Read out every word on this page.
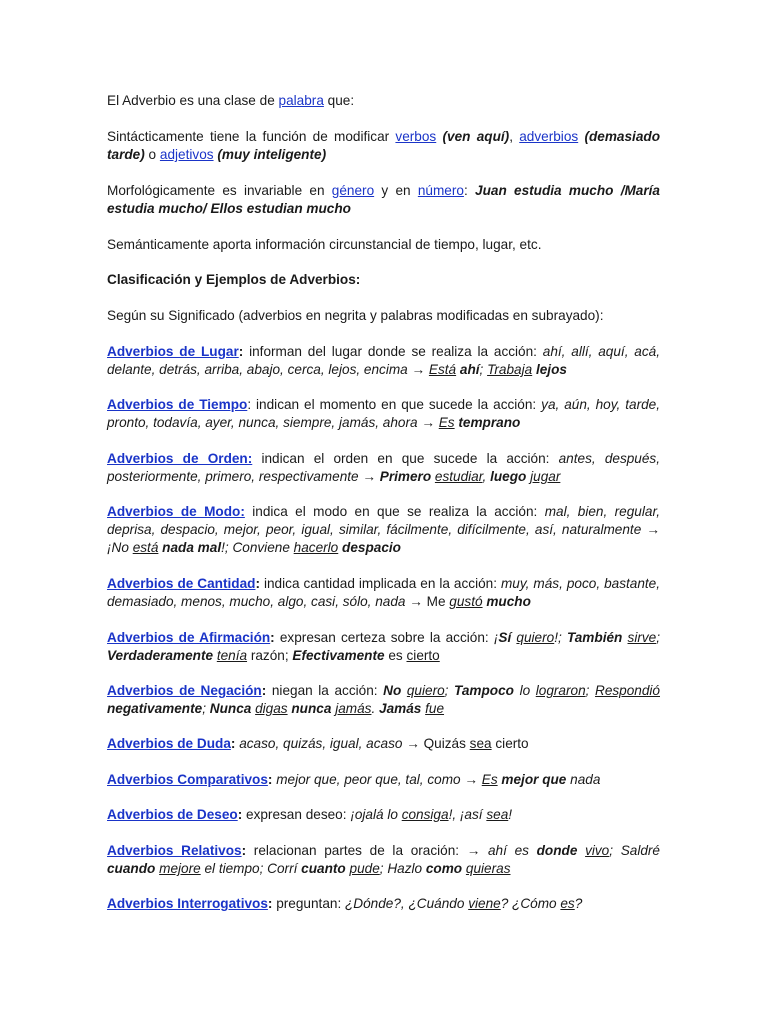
El Adverbio es una clase de palabra que:

Sintácticamente tiene la función de modificar verbos (ven aquí), adverbios (demasiado tarde) o adjetivos (muy inteligente)

Morfológicamente es invariable en género y en número: Juan estudia mucho /María estudia mucho/ Ellos estudian mucho

Semánticamente aporta información circunstancial de tiempo, lugar, etc.

Clasificación y Ejemplos de Adverbios:

Según su Significado (adverbios en negrita y palabras modificadas en subrayado):

Adverbios de Lugar: informan del lugar donde se realiza la acción: ahí, allí, aquí, acá, delante, detrás, arriba, abajo, cerca, lejos, encima → Está ahí; Trabaja lejos

Adverbios de Tiempo: indican el momento en que sucede la acción: ya, aún, hoy, tarde, pronto, todavía, ayer, nunca, siempre, jamás, ahora → Es temprano

Adverbios de Orden: indican el orden en que sucede la acción: antes, después, posteriormente, primero, respectivamente → Primero estudiar, luego jugar

Adverbios de Modo: indica el modo en que se realiza la acción: mal, bien, regular, deprisa, despacio, mejor, peor, igual, similar, fácilmente, difícilmente, así, naturalmente → ¡No está nada mal!; Conviene hacerlo despacio

Adverbios de Cantidad: indica cantidad implicada en la acción: muy, más, poco, bastante, demasiado, menos, mucho, algo, casi, sólo, nada → Me gustó mucho

Adverbios de Afirmación: expresan certeza sobre la acción: ¡Sí quiero!; También sirve; Verdaderamente tenía razón; Efectivamente es cierto

Adverbios de Negación: niegan la acción: No quiero; Tampoco lo lograron; Respondió negativamente; Nunca digas nunca jamás. Jamás fue

Adverbios de Duda: acaso, quizás, igual, acaso → Quizás sea cierto

Adverbios Comparativos: mejor que, peor que, tal, como → Es mejor que nada

Adverbios de Deseo: expresan deseo: ¡ojalá lo consiga!, ¡así sea!

Adverbios Relativos: relacionan partes de la oración: → ahí es donde vivo; Saldré cuando mejore el tiempo; Corrí cuanto pude; Hazlo como quieras

Adverbios Interrogativos: preguntan: ¿Dónde?, ¿Cuándo viene? ¿Cómo es?
